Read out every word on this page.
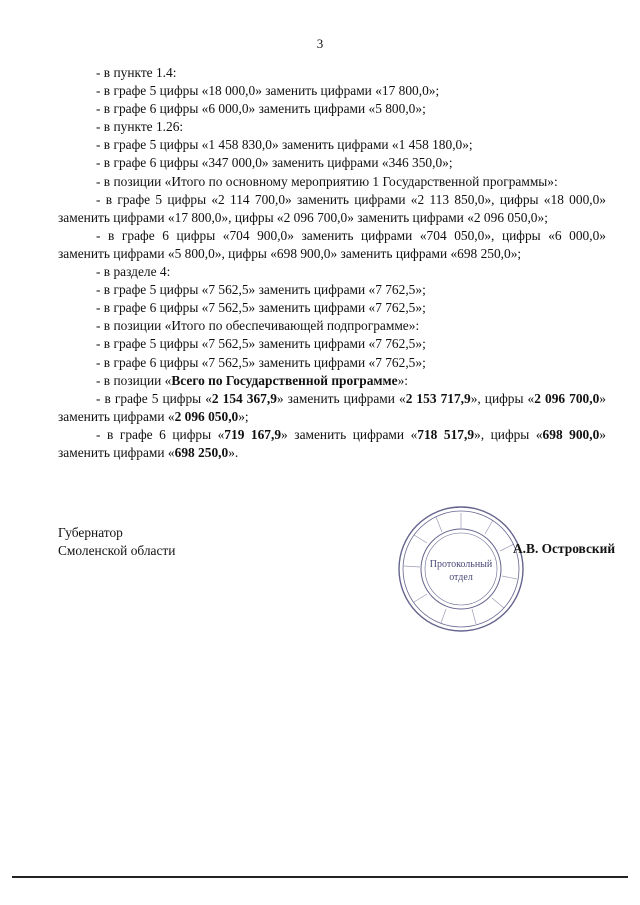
3
- в пункте 1.4:
- в графе 5 цифры «18 000,0» заменить цифрами «17 800,0»;
- в графе 6 цифры «6 000,0» заменить цифрами «5 800,0»;
- в пункте 1.26:
- в графе 5 цифры «1 458 830,0» заменить цифрами «1 458 180,0»;
- в графе 6 цифры «347 000,0» заменить цифрами «346 350,0»;
- в позиции «Итого по основному мероприятию 1 Государственной программы»:
- в графе 5 цифры «2 114 700,0» заменить цифрами «2 113 850,0», цифры «18 000,0» заменить цифрами «17 800,0», цифры «2 096 700,0» заменить цифрами «2 096 050,0»;
- в графе 6 цифры «704 900,0» заменить цифрами «704 050,0», цифры «6 000,0» заменить цифрами «5 800,0», цифры «698 900,0» заменить цифрами «698 250,0»;
- в разделе 4:
- в графе 5 цифры «7 562,5» заменить цифрами «7 762,5»;
- в графе 6 цифры «7 562,5» заменить цифрами «7 762,5»;
- в позиции «Итого по обеспечивающей подпрограмме»:
- в графе 5 цифры «7 562,5» заменить цифрами «7 762,5»;
- в графе 6 цифры «7 562,5» заменить цифрами «7 762,5»;
- в позиции «Всего по Государственной программе»:
- в графе 5 цифры «2 154 367,9» заменить цифрами «2 153 717,9», цифры «2 096 700,0» заменить цифрами «2 096 050,0»;
- в графе 6 цифры «719 167,9» заменить цифрами «718 517,9», цифры «698 900,0» заменить цифрами «698 250,0».
Губернатор
Смоленской области
Протокольный
отдел
А.В. Островский
